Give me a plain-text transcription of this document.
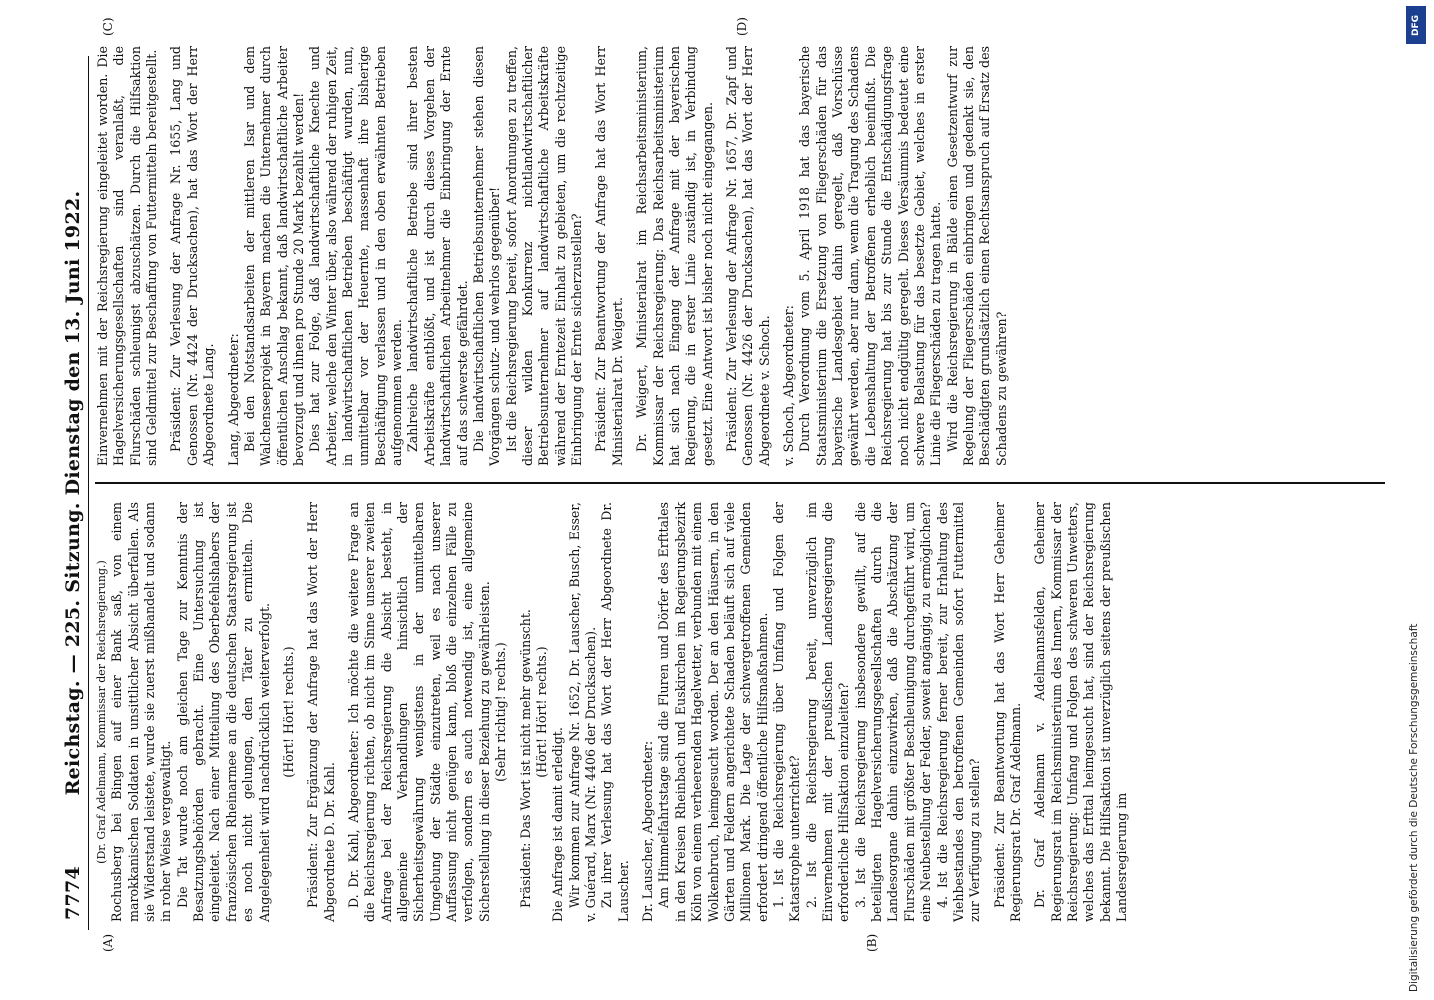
7774
Reichstag. — 225. Sitzung. Dienstag den 13. Juni 1922.
(A)	(B)
(C)	(D)

(Dr. Graf Adelmann, Kommissar der Reichsregierung.) Rochusberg bei Bingen auf einer Bank saß, von einem marokkanischen Soldaten in unsittlicher Absicht überfallen. Als sie Widerstand leistete, wurde sie zuerst mißhandelt und sodann in roher Weise vergewaltigt. Die Tat wurde noch am gleichen Tage zur Kenntnis der Besatzungsbehörden gebracht. Eine Untersuchung ist eingeleitet. Nach einer Mitteilung des Oberbefehlshabers der französischen Rheinarmee an die deutschen Staatsregierung ist es noch nicht gelungen, den Täter zu ermitteln. Die Angelegenheit wird nachdrücklich weiterverfolgt. (Hört! Hört! rechts.) Präsident: Zur Ergänzung der Anfrage hat das Wort der Herr Abgeordnete D. Dr. Kahl. D. Dr. Kahl, Abgeordneter: Ich möchte die weitere Frage an die Reichsregierung richten, ob nicht im Sinne unserer zweiten Anfrage bei der Reichsregierung die Absicht besteht, in allgemeine Verhandlungen hinsichtlich der Sicherheitsgewährung wenigstens in der unmittelbaren Umgebung der Städte einzutreten, weil es nach unserer Auffassung nicht genügen kann, bloß die einzelnen Fälle zu verfolgen, sondern es auch notwendig ist, eine allgemeine Sicherstellung in dieser Beziehung zu gewährleisten. (Sehr richtig! rechts.) Präsident: Das Wort ist nicht mehr gewünscht. (Hört! Hört! rechts.)

Die Anfrage ist damit erledigt. Wir kommen zur Anfrage Nr. 1652, Dr. Lauscher, Busch, Esser, v. Guérard, Marx (Nr. 4406 der Drucksachen). Zu ihrer Verlesung hat das Wort der Herr Abgeordnete Dr. Lauscher. Dr. Lauscher, Abgeordneter: Am Himmelfahrtstage sind die Fluren und Dörfer des Erfttales in den Kreisen Rheinbach und Euskirchen im Regierungsbezirk Köln von einem verheerenden Hagelwetter, verbunden mit einem Wolkenbruch, heimgesucht worden. Der an den Häusern, in den Gärten und Feldern angerichtete Schaden beläuft sich auf viele Millionen Mark. Die Lage der schwergetroffenen Gemeinden erfordert dringend öffentliche Hilfsmaßnahmen. 1. Ist die Reichsregierung über Umfang und Folgen der Katastrophe unterrichtet? 2. Ist die Reichsregierung bereit, unverzüglich im Einvernehmen mit der preußischen Landesregierung die erforderliche Hilfsaktion einzuleiten? 3. Ist die Reichsregierung insbesondere gewillt, auf die beteiligten Hagelversicherungsgesellschaften durch die Landesorgane dahin einzuwirken, daß die Abschätzung der Flurschäden mit größter Beschleunigung durchgeführt wird, um eine Neubestellung der Felder, soweit angängig, zu ermöglichen? 4. Ist die Reichsregierung ferner bereit, zur Erhaltung des Viehbestandes den betroffenen Gemeinden sofort Futtermittel zur Verfügung zu stellen? Präsident: Zur Beantwortung hat das Wort Herr Geheimer Regierungsrat Dr. Graf Adelmann. Dr. Graf Adelmann v. Adelmannsfelden, Geheimer Regierungsrat im Reichsministerium des Innern, Kommissar der Reichsregierung: Umfang und Folgen des schweren Unwetters, welches das Erfttal heimgesucht hat, sind der Reichsregierung bekannt. Die Hilfsaktion ist unverzüglich seitens der preußischen Landesregierung im

Einvernehmen mit der Reichsregierung eingeleitet worden. Die Hagelversicherungsgesellschaften sind veranlaßt, die Flurschäden schleunigst abzuschätzen. Durch die Hilfsaktion sind Geldmittel zur Beschaffung von Futtermitteln bereitgestellt. Präsident: Zur Verlesung der Anfrage Nr. 1655, Lang und Genossen (Nr. 4424 der Drucksachen), hat das Wort der Herr Abgeordnete Lang. Lang, Abgeordneter: Bei den Notstandsarbeiten der mittleren Isar und dem Walchenseeprojekt in Bayern machen die Unternehmer durch öffentlichen Anschlag bekannt, daß landwirtschaftliche Arbeiter bevorzugt und ihnen pro Stunde 20 Mark bezahlt werden! Dies hat zur Folge, daß landwirtschaftliche Knechte und Arbeiter, welche den Winter über, also während der ruhigen Zeit, in landwirtschaftlichen Betrieben beschäftigt wurden, nun, unmittelbar vor der Heuernte, massenhaft ihre bisherige Beschäftigung verlassen und in den oben erwähnten Betrieben aufgenommen werden. Zahlreiche landwirtschaftliche Betriebe sind ihrer besten Arbeitskräfte entblößt, und ist durch dieses Vorgehen der landwirtschaftlichen Arbeitnehmer die Einbringung der Ernte auf das schwerste gefährdet. Die landwirtschaftlichen Betriebsunternehmer stehen diesen Vorgängen schutz- und wehrlos gegenüber! Ist die Reichsregierung bereit, sofort Anordnungen zu treffen, dieser wilden Konkurrenz nichtlandwirtschaftlicher Betriebsunternehmer auf landwirtschaftliche Arbeitskräfte während der Erntezeit Einhalt zu gebieten, um die rechtzeitige Einbringung der Ernte sicherzustellen? Präsident: Zur Beantwortung der Anfrage hat das Wort Herr Ministerialrat Dr. Weigert. Dr. Weigert, Ministerialrat im Reichsarbeitsministerium, Kommissar der Reichsregierung: Das Reichsarbeitsministerium hat sich nach Eingang der Anfrage mit der bayerischen Regierung, die in erster Linie zuständig ist, in Verbindung gesetzt. Eine Antwort ist bisher noch nicht eingegangen. Präsident: Zur Verlesung der Anfrage Nr. 1657, Dr. Zapf und Genossen (Nr. 4426 der Drucksachen), hat das Wort der Herr Abgeordnete v. Schoch. v. Schoch, Abgeordneter: Durch Verordnung vom 5. April 1918 hat das bayerische Staatsministerium die Ersetzung von Fliegerschäden für das bayerische Landesgebiet dahin geregelt, daß Vorschüsse gewährt werden, aber nur dann, wenn die Tragung des Schadens die Lebenshaltung der Betroffenen erheblich beeinflußt. Die Reichsregierung hat bis zur Stunde die Entschädigungsfrage noch nicht endgültig geregelt. Dieses Versäumnis bedeutet eine schwere Belastung für das besetzte Gebiet, welches in erster Linie die Fliegerschäden zu tragen hatte. Wird die Reichsregierung in Bälde einen Gesetzentwurf zur Regelung der Fliegerschäden einbringen und gedenkt sie, den Beschädigten grundsätzlich einen Rechtsanspruch auf Ersatz des Schadens zu gewähren?

DFG
Digitalisierung gefördert durch die Deutsche Forschungsgemeinschaft
